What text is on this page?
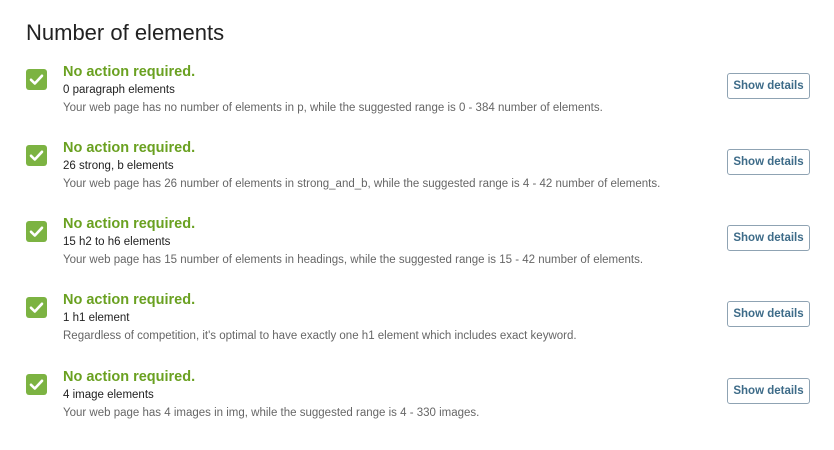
Number of elements
No action required.
0 paragraph elements
Your web page has no number of elements in p, while the suggested range is 0 - 384 number of elements.
Show details
No action required.
26 strong, b elements
Your web page has 26 number of elements in strong_and_b, while the suggested range is 4 - 42 number of elements.
Show details
No action required.
15 h2 to h6 elements
Your web page has 15 number of elements in headings, while the suggested range is 15 - 42 number of elements.
Show details
No action required.
1 h1 element
Regardless of competition, it's optimal to have exactly one h1 element which includes exact keyword.
Show details
No action required.
4 image elements
Your web page has 4 images in img, while the suggested range is 4 - 330 images.
Show details
